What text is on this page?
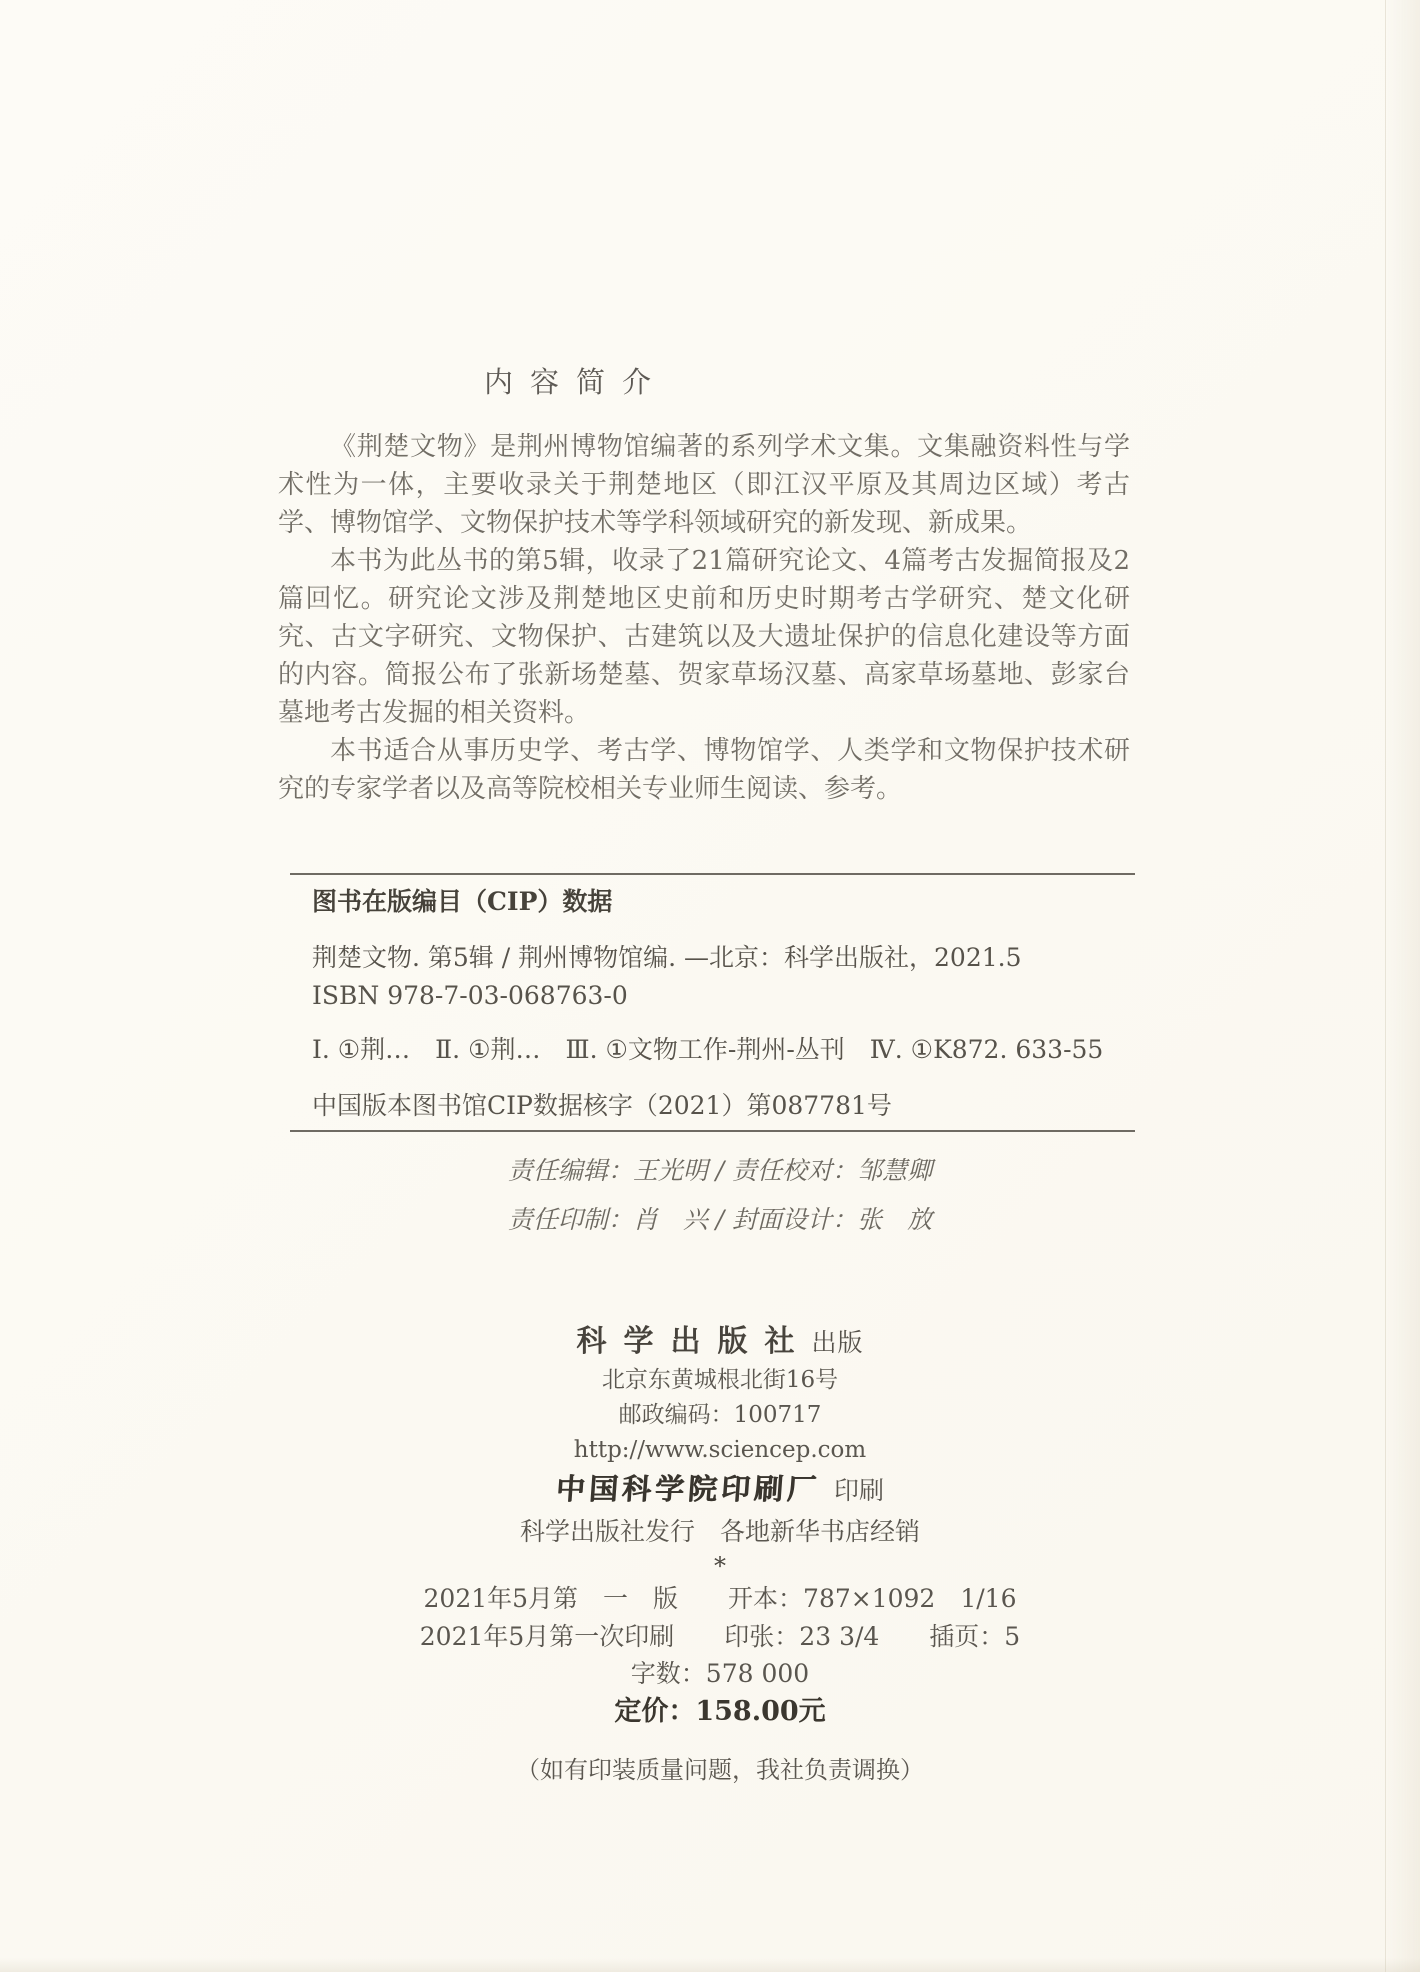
内容简介

《荆楚文物》是荆州博物馆编著的系列学术文集。文集融资料性与学术性为一体，主要收录关于荆楚地区（即江汉平原及其周边区域）考古学、博物馆学、文物保护技术等学科领域研究的新发现、新成果。

本书为此丛书的第5辑，收录了21篇研究论文、4篇考古发掘简报及2篇回忆。研究论文涉及荆楚地区史前和历史时期考古学研究、楚文化研究、古文字研究、文物保护、古建筑以及大遗址保护的信息化建设等方面的内容。简报公布了张新场楚墓、贺家草场汉墓、高家草场墓地、彭家台墓地考古发掘的相关资料。

本书适合从事历史学、考古学、博物馆学、人类学和文物保护技术研究的专家学者以及高等院校相关专业师生阅读、参考。

图书在版编目（CIP）数据

荆楚文物. 第5辑 / 荆州博物馆编. —北京：科学出版社，2021.5

ISBN 978-7-03-068763-0

Ⅰ. ①荆…　Ⅱ. ①荆…　Ⅲ. ①文物工作-荆州-丛刊　Ⅳ. ①K872. 633-55

中国版本图书馆CIP数据核字（2021）第087781号

责任编辑：王光明 / 责任校对：邹慧卿

责任印制：肖　兴 / 封面设计：张　放

科学出版社出版

北京东黄城根北街16号

邮政编码：100717

http://www.sciencep.com

中国科学院印刷厂 印刷

科学出版社发行　各地新华书店经销

*

2021年5月第　一　版　　开本：787×1092　1/16

2021年5月第一次印刷　　印张：23 3/4　　插页：5

字数：578 000

定价：158.00元

（如有印装质量问题，我社负责调换）
